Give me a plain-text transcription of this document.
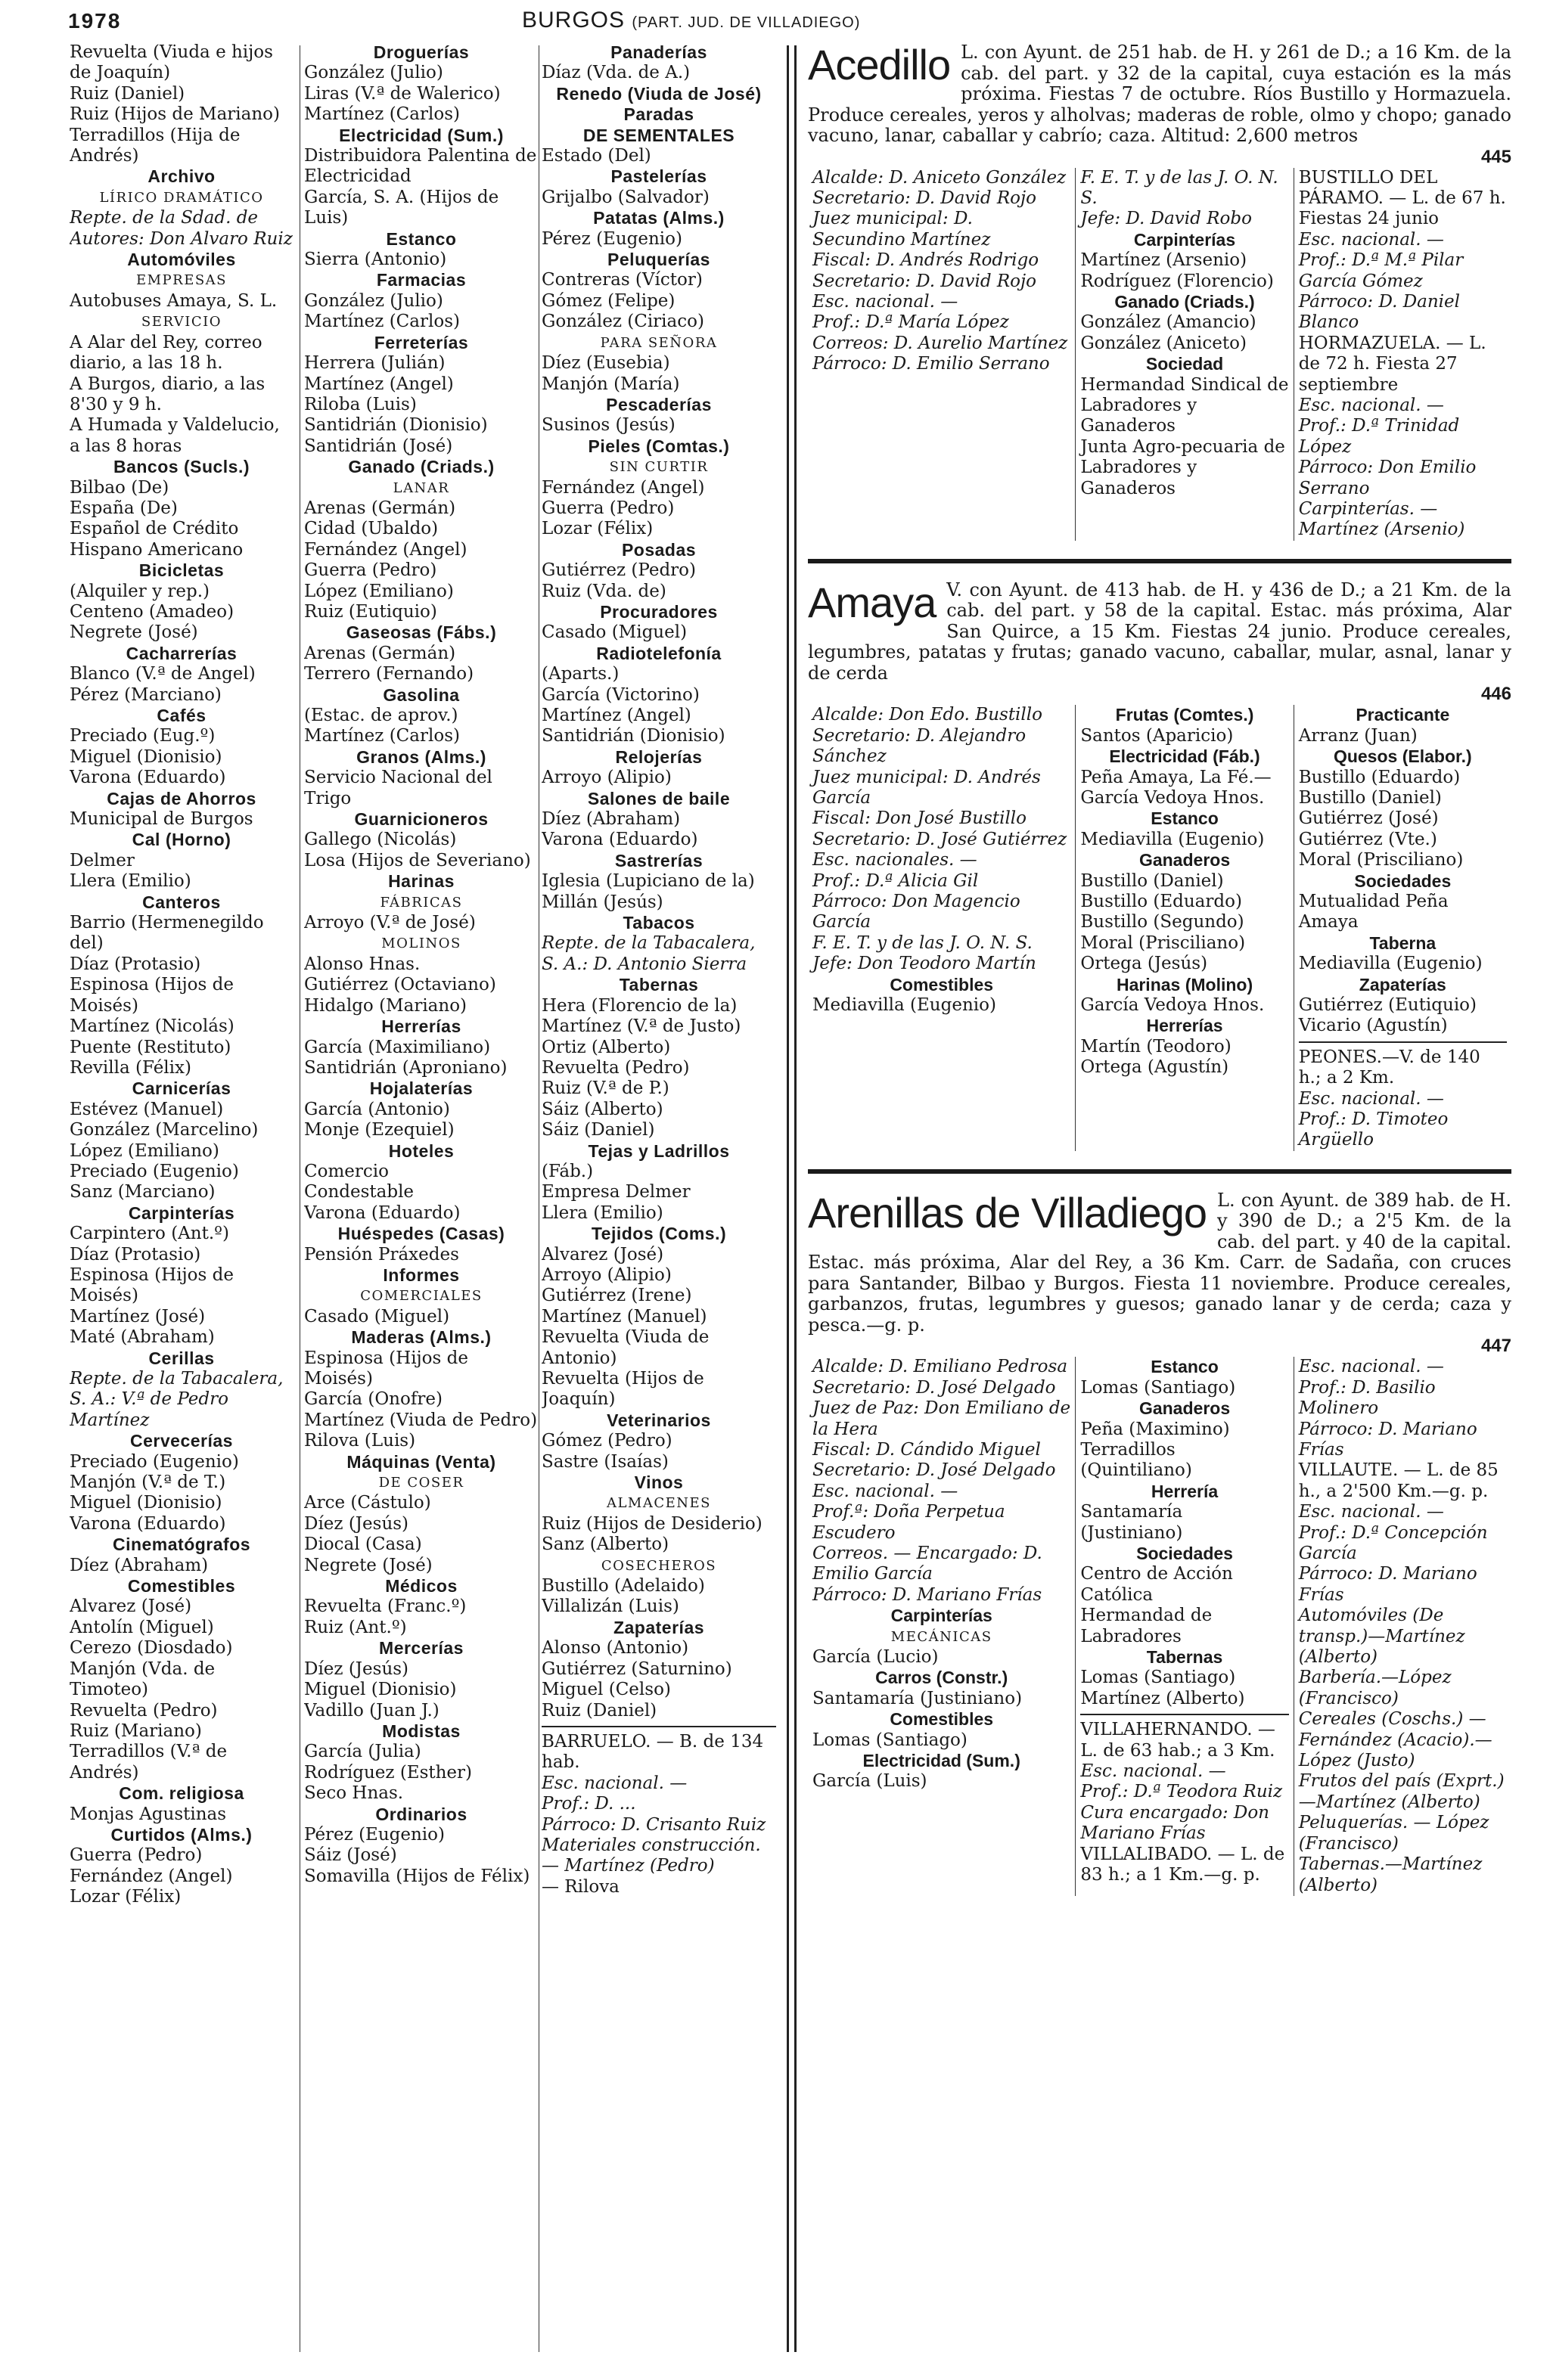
1978	BURGOS (PART. JUD. DE VILLADIEGO)
Revuelta (Viuda e hijos de Joaquín)
Ruiz (Daniel)
Ruiz (Hijos de Mariano)
Terradillos (Hija de Andrés)
Archivo
LÍRICO DRAMÁTICO
Repte. de la Sdad. de Autores: Don Alvaro Ruiz
Automóviles
EMPRESAS
Autobuses Amaya, S. L.
SERVICIO
A Alar del Rey, correo diario, a las 18 h.
A Burgos, diario, a las 8'30 y 9 h.
A Humada y Valdelucio, a las 8 horas
Bancos (Sucls.)
Bilbao (De)
España (De)
Español de Crédito
Hispano Americano
Bicicletas
(Alquiler y rep.)
Centeno (Amadeo)
Negrete (José)
Cacharrerías
Blanco (V.ª de Angel)
Pérez (Marciano)
Cafés
Preciado (Eug.º)
Miguel (Dionisio)
Varona (Eduardo)
Cajas de Ahorros
Municipal de Burgos
Cal (Horno)
Delmer
Llera (Emilio)
Canteros
Barrio (Hermenegildo del)
Díaz (Protasio)
Espinosa (Hijos de Moisés)
Martínez (Nicolás)
Puente (Restituto)
Revilla (Félix)
Carnicerías
Estévez (Manuel)
González (Marcelino)
López (Emiliano)
Preciado (Eugenio)
Sanz (Marciano)
Carpinterías
Carpintero (Ant.º)
Díaz (Protasio)
Espinosa (Hijos de Moisés)
Martínez (José)
Maté (Abraham)
Cerillas
Repte. de la Tabacalera, S. A.: V.ª de Pedro Martínez
Cervecerías
Preciado (Eugenio)
Manjón (V.ª de T.)
Miguel (Dionisio)
Varona (Eduardo)
Cinematógrafos
Díez (Abraham)
Comestibles
Alvarez (José)
Antolín (Miguel)
Cerezo (Diosdado)
Manjón (Vda. de Timoteo)
Revuelta (Pedro)
Ruiz (Mariano)
Terradillos (V.ª de Andrés)
Com. religiosa
Monjas Agustinas
Curtidos (Alms.)
Guerra (Pedro)
Fernández (Angel)
Lozar (Félix)
Droguerías
González (Julio)
Liras (V.ª de Walerico)
Martínez (Carlos)
Electricidad (Sum.)
Distribuidora Palentina de Electricidad
García, S. A. (Hijos de Luis)
Estanco
Sierra (Antonio)
Farmacias
González (Julio)
Martínez (Carlos)
Ferreterías
Herrera (Julián)
Martínez (Angel)
Riloba (Luis)
Santidrián (Dionisio)
Santidrián (José)
Ganado (Criads.)
LANAR
Arenas (Germán)
Cidad (Ubaldo)
Fernández (Angel)
Guerra (Pedro)
López (Emiliano)
Ruiz (Eutiquio)
Gaseosas (Fábs.)
Arenas (Germán)
Terrero (Fernando)
Gasolina
(Estac. de aprov.)
Martínez (Carlos)
Granos (Alms.)
Servicio Nacional del Trigo
Guarnicioneros
Gallego (Nicolás)
Losa (Hijos de Severiano)
Harinas
FÁBRICAS
Arroyo (V.ª de José)
MOLINOS
Alonso Hnas.
Gutiérrez (Octaviano)
Hidalgo (Mariano)
Herrerías
García (Maximiliano)
Santidrián (Aproniano)
Hojalaterías
García (Antonio)
Monje (Ezequiel)
Hoteles
Comercio
Condestable
Varona (Eduardo)
Huéspedes (Casas)
Pensión Práxedes
Informes
COMERCIALES
Casado (Miguel)
Maderas (Alms.)
Espinosa (Hijos de Moisés)
García (Onofre)
Martínez (Viuda de Pedro)
Rilova (Luis)
Máquinas (Venta)
DE COSER
Arce (Cástulo)
Díez (Jesús)
Diocal (Casa)
Negrete (José)
Médicos
Revuelta (Franc.º)
Ruiz (Ant.º)
Mercerías
Díez (Jesús)
Miguel (Dionisio)
Vadillo (Juan J.)
Modistas
García (Julia)
Rodríguez (Esther)
Seco Hnas.
Ordinarios
Pérez (Eugenio)
Sáiz (José)
Somavilla (Hijos de Félix)
Panaderías
Díaz (Vda. de A.)
Renedo (Viuda de José)
Paradas
DE SEMENTALES
Estado (Del)
Pastelerías
Grijalbo (Salvador)
Patatas (Alms.)
Pérez (Eugenio)
Peluquerías
Contreras (Víctor)
Gómez (Felipe)
González (Ciriaco)
PARA SEÑORA
Díez (Eusebia)
Manjón (María)
Pescaderías
Susinos (Jesús)
Pieles (Comtas.)
SIN CURTIR
Fernández (Angel)
Guerra (Pedro)
Lozar (Félix)
Posadas
Gutiérrez (Pedro)
Ruiz (Vda. de)
Procuradores
Casado (Miguel)
Radiotelefonía
(Aparts.)
García (Victorino)
Martínez (Angel)
Santidrián (Dionisio)
Relojerías
Arroyo (Alipio)
Salones de baile
Díez (Abraham)
Varona (Eduardo)
Sastrerías
Iglesia (Lupiciano de la)
Millán (Jesús)
Tabacos
Repte. de la Tabacalera, S. A.: D. Antonio Sierra
Tabernas
Hera (Florencio de la)
Martínez (V.ª de Justo)
Ortiz (Alberto)
Revuelta (Pedro)
Ruiz (V.ª de P.)
Sáiz (Alberto)
Sáiz (Daniel)
Tejas y Ladrillos
(Fáb.)
Empresa Delmer
Llera (Emilio)
Tejidos (Coms.)
Alvarez (José)
Arroyo (Alipio)
Gutiérrez (Irene)
Martínez (Manuel)
Revuelta (Viuda de Antonio)
Revuelta (Hijos de Joaquín)
Veterinarios
Gómez (Pedro)
Sastre (Isaías)
Vinos
ALMACENES
Ruiz (Hijos de Desiderio)
Sanz (Alberto)
COSECHEROS
Bustillo (Adelaido)
Villalizán (Luis)
Zapaterías
Alonso (Antonio)
Gutiérrez (Saturnino)
Miguel (Celso)
Ruiz (Daniel)
BARRUELO. — B. de 134 hab.
Esc. nacional. —
Prof.: D. ...
Párroco: D. Crisanto Ruiz
Materiales construcción. — Martínez (Pedro)
— Rilova
Acedillo L. con Ayunt. de 251 hab. de H. y 261 de D.; a 16 Km. de la cab. del part. y 32 de la capital, cuya estación es la más próxima. Fiestas 7 de octubre. Ríos Bustillo y Hormazuela. Produce cereales, yeros y alholvas; maderas de roble, olmo y chopo; ganado vacuno, lanar, caballar y cabrío; caza. Altitud: 2,600 metros
445
Alcalde: D. Aniceto González
Secretario: D. David Rojo
Juez municipal: D. Secundino Martínez
Fiscal: D. Andrés Rodrigo
Secretario: D. David Rojo
Esc. nacional. —
Prof.: D.ª María López
Correos: D. Aurelio Martínez
Párroco: D. Emilio Serrano
F. E. T. y de las J. O. N. S.
Jefe: D. David Robo
Carpinterías
Martínez (Arsenio)
Rodríguez (Florencio)
Ganado (Criads.)
González (Amancio)
González (Aniceto)
Sociedad
Hermandad Sindical de Labradores y Ganaderos
Junta Agro-pecuaria de Labradores y Ganaderos
BUSTILLO DEL PÁRAMO. — L. de 67 h. Fiestas 24 junio
Esc. nacional. —
Prof.: D.ª M.ª Pilar García Gómez
Párroco: D. Daniel Blanco
HORMAZUELA. — L. de 72 h. Fiesta 27 septiembre
Esc. nacional. —
Prof.: D.ª Trinidad López
Párroco: Don Emilio Serrano
Carpinterías. — Martínez (Arsenio)
Amaya V. con Ayunt. de 413 hab. de H. y 436 de D.; a 21 Km. de la cab. del part. y 58 de la capital. Estac. más próxima, Alar San Quirce, a 15 Km. Fiestas 24 junio. Produce cereales, legumbres, patatas y frutas; ganado vacuno, caballar, mular, asnal, lanar y de cerda
446
Alcalde: Don Edo. Bustillo
Secretario: D. Alejandro Sánchez
Juez municipal: D. Andrés García
Fiscal: Don José Bustillo
Secretario: D. José Gutiérrez
Esc. nacionales. —
Prof.: D.ª Alicia Gil
Párroco: Don Magencio García
F. E. T. y de las J. O. N. S.
Jefe: Don Teodoro Martín
Comestibles
Mediavilla (Eugenio)
Frutas (Comtes.)
Santos (Aparicio)
Electricidad (Fáb.)
Peña Amaya, La Fé.—García Vedoya Hnos.
Estanco
Mediavilla (Eugenio)
Ganaderos
Bustillo (Daniel)
Bustillo (Eduardo)
Bustillo (Segundo)
Moral (Prisciliano)
Ortega (Jesús)
Harinas (Molino)
García Vedoya Hnos.
Herrerías
Martín (Teodoro)
Ortega (Agustín)
Practicante
Arranz (Juan)
Quesos (Elabor.)
Bustillo (Eduardo)
Bustillo (Daniel)
Gutiérrez (José)
Gutiérrez (Vte.)
Moral (Prisciliano)
Sociedades
Mutualidad Peña Amaya
Taberna
Mediavilla (Eugenio)
Zapaterías
Gutiérrez (Eutiquio)
Vicario (Agustín)
PEONES.—V. de 140 h.; a 2 Km.
Esc. nacional. —
Prof.: D. Timoteo Argüello
Arenillas de Villadiego L. con Ayunt. de 389 hab. de H. y 390 de D.; a 2'5 Km. de la cab. del part. y 40 de la capital. Estac. más próxima, Alar del Rey, a 36 Km. Carr. de Sadaña, con cruces para Santander, Bilbao y Burgos. Fiesta 11 noviembre. Produce cereales, garbanzos, frutas, legumbres y guesos; ganado lanar y de cerda; caza y pesca.—g. p.
447
Alcalde: D. Emiliano Pedrosa
Secretario: D. José Delgado
Juez de Paz: Don Emiliano de la Hera
Fiscal: D. Cándido Miguel
Secretario: D. José Delgado
Esc. nacional. —
Prof.ª: Doña Perpetua Escudero
Correos. — Encargado: D. Emilio García
Párroco: D. Mariano Frías
Carpinterías
MECÁNICAS
García (Lucio)
Carros (Constr.)
Santamaría (Justiniano)
Comestibles
Lomas (Santiago)
Electricidad (Sum.)
García (Luis)
Estanco
Lomas (Santiago)
Ganaderos
Peña (Maximino)
Terradillos (Quintiliano)
Herrería
Santamaría (Justiniano)
Sociedades
Centro de Acción Católica
Hermandad de Labradores
Tabernas
Lomas (Santiago)
Martínez (Alberto)
VILLAHERNANDO. — L. de 63 hab.; a 3 Km.
Esc. nacional. —
Prof.: D.ª Teodora Ruiz
Cura encargado: Don Mariano Frías
VILLALIBADO. — L. de 83 h.; a 1 Km.—g. p.
Esc. nacional. —
Prof.: D. Basilio Molinero
Párroco: D. Mariano Frías
VILLAUTE. — L. de 85 h., a 2'500 Km.—g. p.
Esc. nacional. —
Prof.: D.ª Concepción García
Párroco: D. Mariano Frías
Automóviles (De transp.)—Martínez (Alberto)
Barbería.—López (Francisco)
Cereales (Coschs.) — Fernández (Acacio).—López (Justo)
Frutos del país (Exprt.)—Martínez (Alberto)
Peluquerías. — López (Francisco)
Tabernas.—Martínez (Alberto)
